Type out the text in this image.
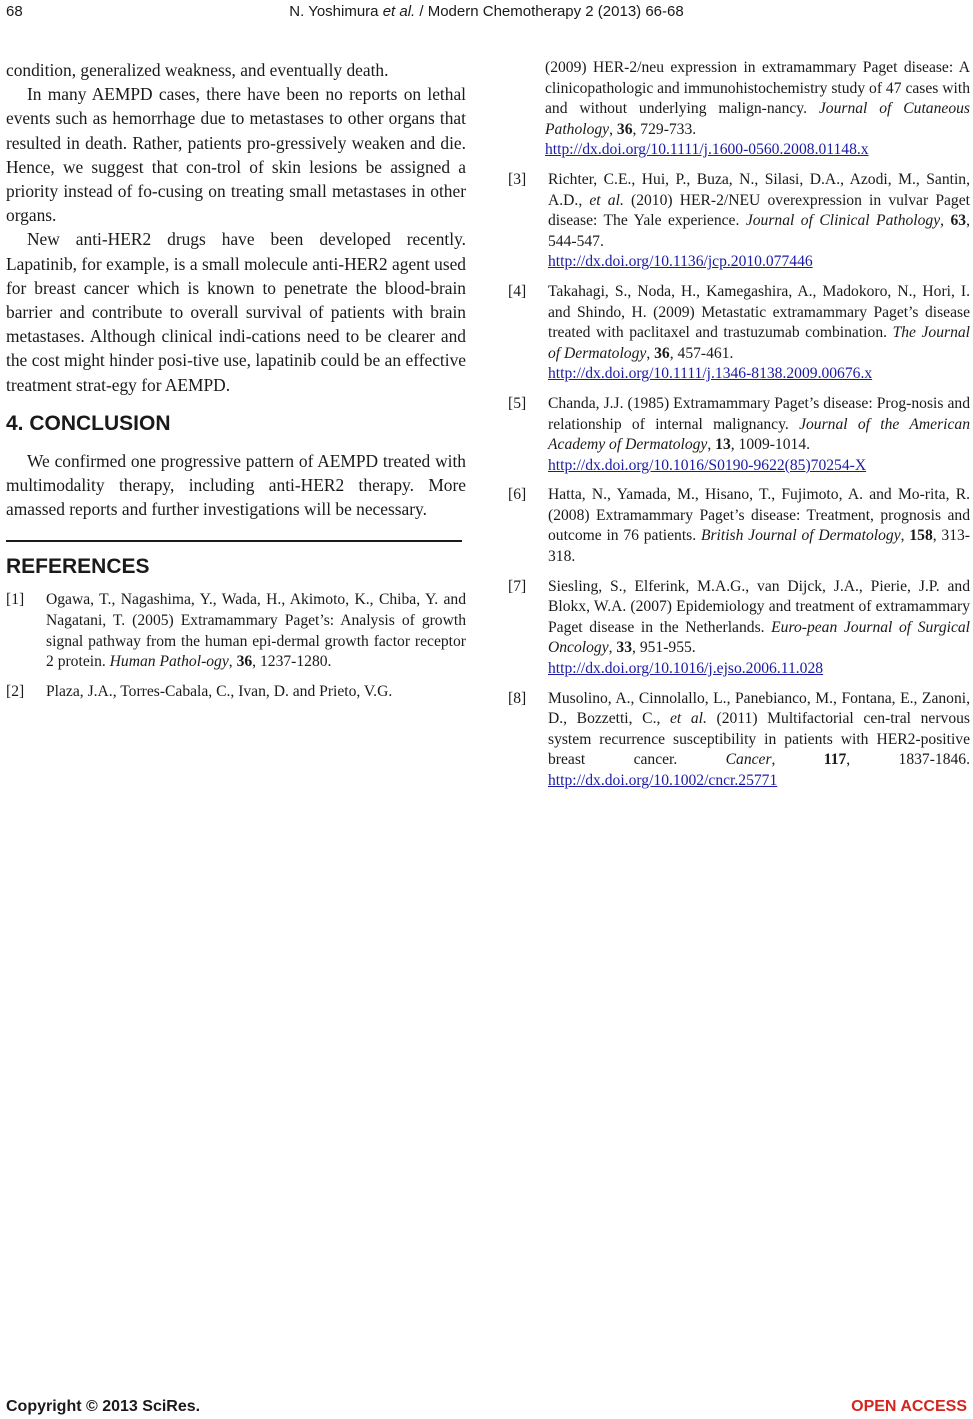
68	N. Yoshimura et al. / Modern Chemotherapy 2 (2013) 66-68

condition, generalized weakness, and eventually death.

In many AEMPD cases, there have been no reports on lethal events such as hemorrhage due to metastases to other organs that resulted in death. Rather, patients pro-gressively weaken and die. Hence, we suggest that con-trol of skin lesions be assigned a priority instead of fo-cusing on treating small metastases in other organs.

New anti-HER2 drugs have been developed recently. Lapatinib, for example, is a small molecule anti-HER2 agent used for breast cancer which is known to penetrate the blood-brain barrier and contribute to overall survival of patients with brain metastases. Although clinical indi-cations need to be clearer and the cost might hinder posi-tive use, lapatinib could be an effective treatment strat-egy for AEMPD.

4. CONCLUSION

We confirmed one progressive pattern of AEMPD treated with multimodality therapy, including anti-HER2 therapy. More amassed reports and further investigations will be necessary.

REFERENCES
[1]	Ogawa, T., Nagashima, Y., Wada, H., Akimoto, K., Chiba, Y. and Nagatani, T. (2005) Extramammary Paget’s: Analysis of growth signal pathway from the human epi-dermal growth factor receptor 2 protein. Human Pathol-ogy, 36, 1237-1280.
[2]	Plaza, J.A., Torres-Cabala, C., Ivan, D. and Prieto, V.G.
(2009) HER-2/neu expression in extramammary Paget disease: A clinicopathologic and immunohistochemistry study of 47 cases with and without underlying malign-nancy. Journal of Cutaneous Pathology, 36, 729-733.
http://dx.doi.org/10.1111/j.1600-0560.2008.01148.x
[3]	Richter, C.E., Hui, P., Buza, N., Silasi, D.A., Azodi, M., Santin, A.D., et al. (2010) HER-2/NEU overexpression in vulvar Paget disease: The Yale experience. Journal of Clinical Pathology, 63, 544-547.
http://dx.doi.org/10.1136/jcp.2010.077446
[4]	Takahagi, S., Noda, H., Kamegashira, A., Madokoro, N., Hori, I. and Shindo, H. (2009) Metastatic extramammary Paget’s disease treated with paclitaxel and trastuzumab combination. The Journal of Dermatology, 36, 457-461.
http://dx.doi.org/10.1111/j.1346-8138.2009.00676.x
[5]	Chanda, J.J. (1985) Extramammary Paget’s disease: Prog-nosis and relationship of internal malignancy. Journal of the American Academy of Dermatology, 13, 1009-1014.
http://dx.doi.org/10.1016/S0190-9622(85)70254-X
[6]	Hatta, N., Yamada, M., Hisano, T., Fujimoto, A. and Mo-rita, R. (2008) Extramammary Paget’s disease: Treatment, prognosis and outcome in 76 patients. British Journal of Dermatology, 158, 313-318.
[7]	Siesling, S., Elferink, M.A.G., van Dijck, J.A., Pierie, J.P. and Blokx, W.A. (2007) Epidemiology and treatment of extramammary Paget disease in the Netherlands. Euro-pean Journal of Surgical Oncology, 33, 951-955.
http://dx.doi.org/10.1016/j.ejso.2006.11.028
[8]	Musolino, A., Cinnolallo, L., Panebianco, M., Fontana, E., Zanoni, D., Bozzetti, C., et al. (2011) Multifactorial cen-tral nervous system recurrence susceptibility in patients with HER2-positive breast cancer. Cancer, 117, 1837-1846. http://dx.doi.org/10.1002/cncr.25771
Copyright © 2013 SciRes.	OPEN ACCESS
